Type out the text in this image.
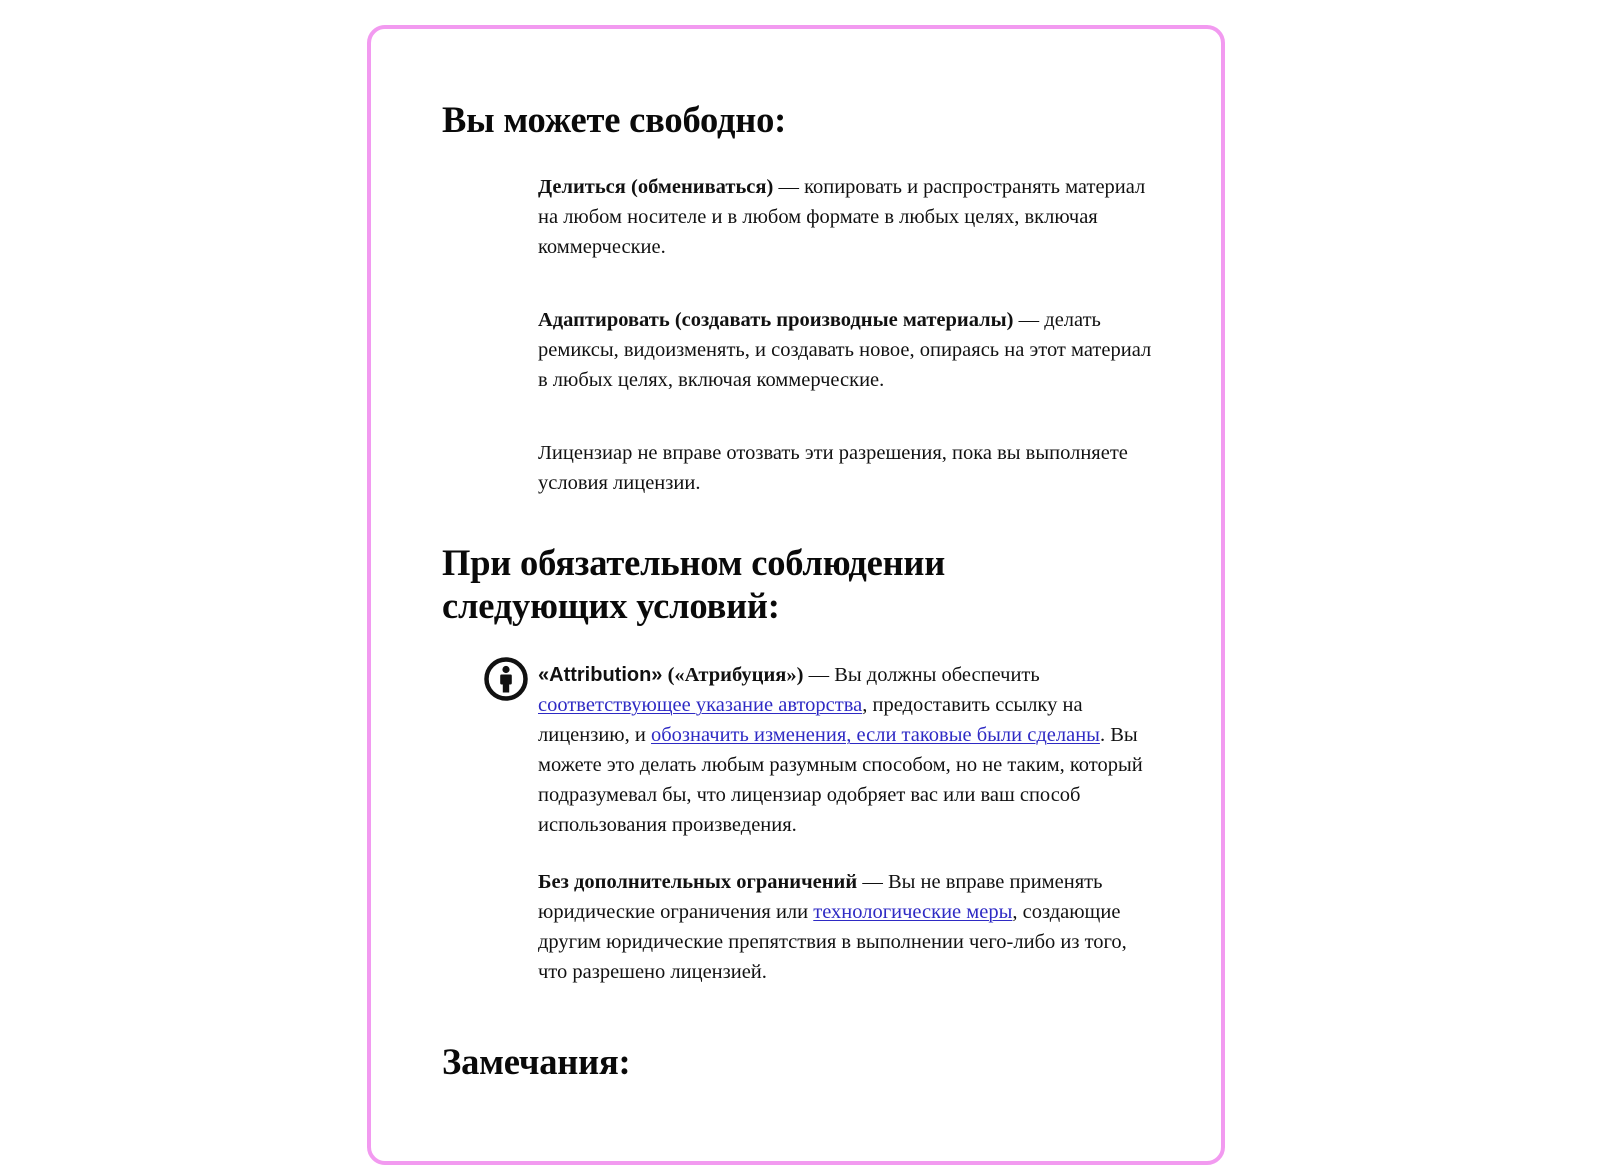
Вы можете свободно:

Делиться (обмениваться) — копировать и распространять материал на любом носителе и в любом формате в любых целях, включая коммерческие.

Адаптировать (создавать производные материалы) — делать ремиксы, видоизменять, и создавать новое, опираясь на этот материал в любых целях, включая коммерческие.

Лицензиар не вправе отозвать эти разрешения, пока вы выполняете условия лицензии.

При обязательном соблюдении
следующих условий:

«Attribution» («Атрибуция») — Вы должны обеспечить соответствующее указание авторства, предоставить ссылку на лицензию, и обозначить изменения, если таковые были сделаны. Вы можете это делать любым разумным способом, но не таким, который подразумевал бы, что лицензиар одобряет вас или ваш способ использования произведения.

Без дополнительных ограничений — Вы не вправе применять юридические ограничения или технологические меры, создающие другим юридические препятствия в выполнении чего-либо из того, что разрешено лицензией.

Замечания:
